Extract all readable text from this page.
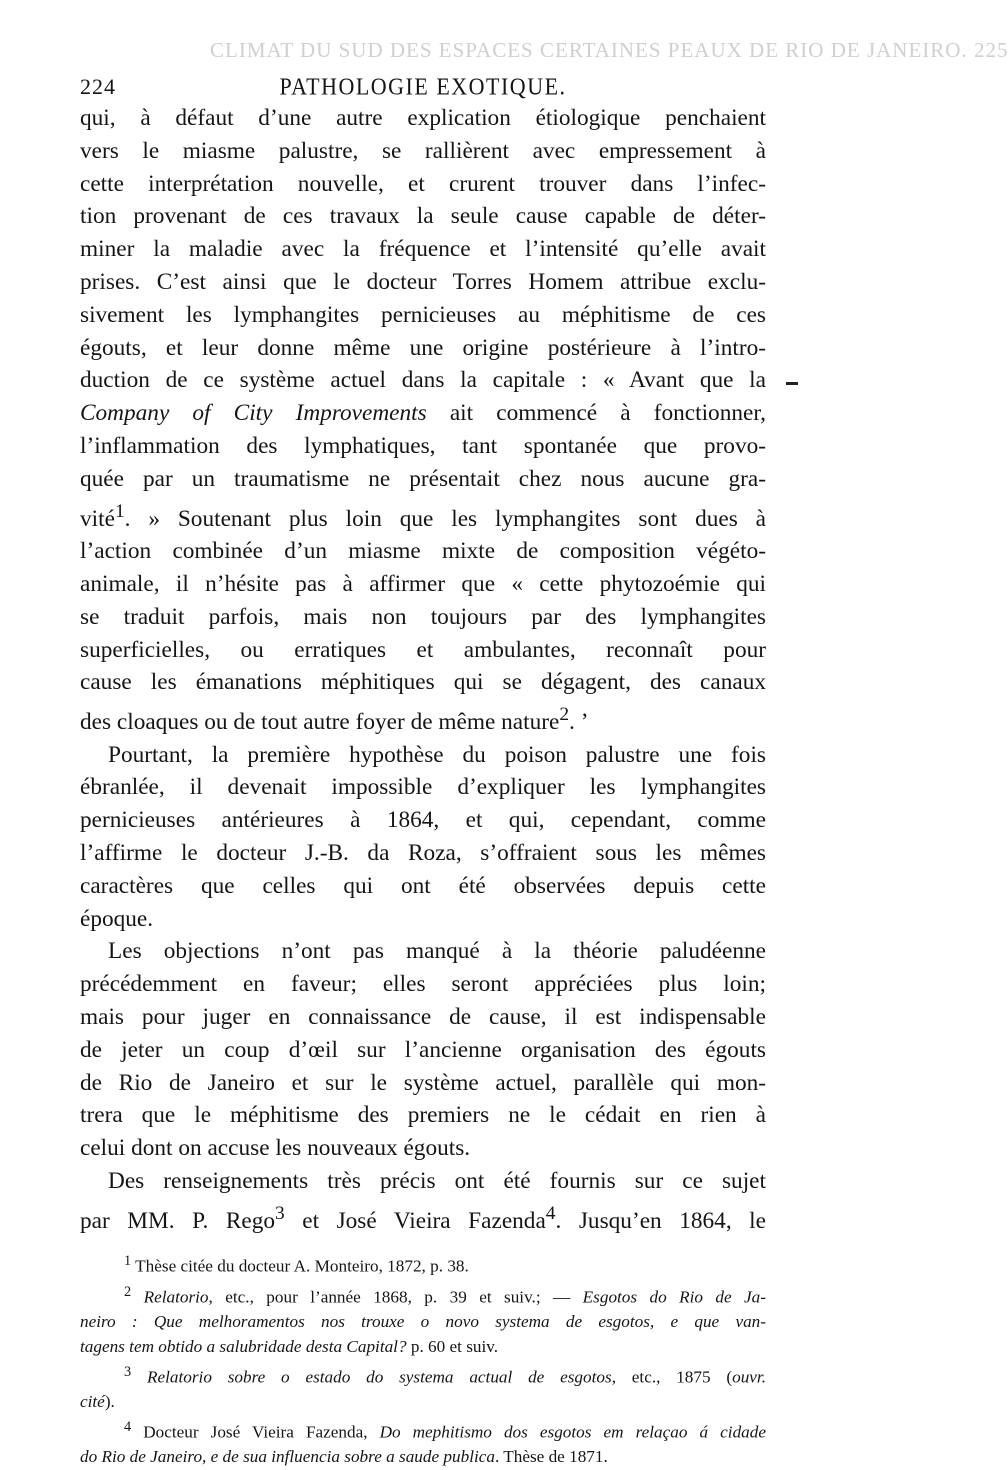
CLIMAT DU SUD DES ESPACES CERTAINES PEAUX DE RIO DE JANEIRO. 225
224	PATHOLOGIE EXOTIQUE.
qui, à défaut d’une autre explication étiologique penchaient
vers le miasme palustre, se rallièrent avec empressement à
cette interprétation nouvelle, et crurent trouver dans l’infec-
tion provenant de ces travaux la seule cause capable de déter-
miner la maladie avec la fréquence et l’intensité qu’elle avait
prises. C’est ainsi que le docteur Torres Homem attribue exclu-
sivement les lymphangites pernicieuses au méphitisme de ces
égouts, et leur donne même une origine postérieure à l’intro-
duction de ce système actuel dans la capitale : « Avant que la
Company of City Improvements ait commencé à fonctionner,
l’inflammation des lymphatiques, tant spontanée que provo-
quée par un traumatisme ne présentait chez nous aucune gra-
vité$^1$. » Soutenant plus loin que les lymphangites sont dues à
l’action combinée d’un miasme mixte de composition végéto-
animale, il n’hésite pas à affirmer que « cette phytozoémie qui
se traduit parfois, mais non toujours par des lymphangites
superficielles, ou erratiques et ambulantes, reconnaît pour
cause les émanations méphitiques qui se dégagent, des canaux
des cloaques ou de tout autre foyer de même nature$^2$. ’
Pourtant, la première hypothèse du poison palustre une fois
ébranlée, il devenait impossible d’expliquer les lymphangites
pernicieuses antérieures à 1864, et qui, cependant, comme
l’affirme le docteur J.-B. da Roza, s’offraient sous les mêmes
caractères que celles qui ont été observées depuis cette
époque.
Les objections n’ont pas manqué à la théorie paludéenne
précédemment en faveur; elles seront appréciées plus loin;
mais pour juger en connaissance de cause, il est indispensable
de jeter un coup d’œil sur l’ancienne organisation des égouts
de Rio de Janeiro et sur le système actuel, parallèle qui mon-
trera que le méphitisme des premiers ne le cédait en rien à
celui dont on accuse les nouveaux égouts.
Des renseignements très précis ont été fournis sur ce sujet
par MM. P. Rego$^3$ et José Vieira Fazenda$^4$. Jusqu’en 1864, le
$^1$ Thèse citée du docteur A. Monteiro, 1872, p. 38.
$^2$ Relatorio, etc., pour l’année 1868, p. 39 et suiv.; — Esgotos do Rio de Ja-
neiro : Que melhoramentos nos trouxe o novo systema de esgotos, e que van-
tagens tem obtido a salubridade desta Capital? p. 60 et suiv.
$^3$ Relatorio sobre o estado do systema actual de esgotos, etc., 1875 (ouvr.
cité).
$^4$ Docteur José Vieira Fazenda, Do mephitismo dos esgotos em relaçao á cidade
do Rio de Janeiro, e de sua influencia sobre a saude publica. Thèse de 1871.
